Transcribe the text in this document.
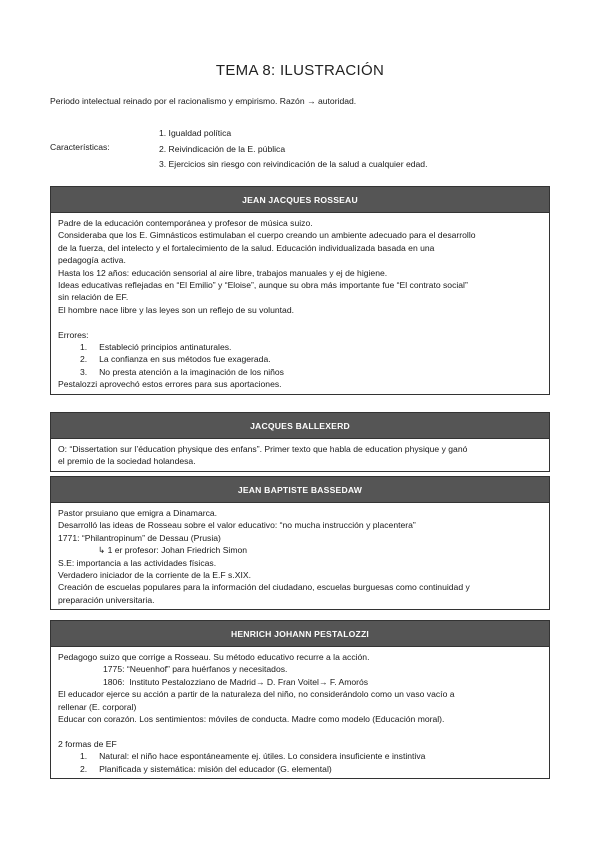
TEMA 8: ILUSTRACIÓN
Periodo intelectual reinado por el racionalismo y empirismo. Razón → autoridad.
Características:
1. Igualdad política
2. Reivindicación de la E. pública
3. Ejercicios sin riesgo con reivindicación de la salud a cualquier edad.
JEAN JACQUES ROSSEAU
Padre de la educación contemporánea y profesor de música suizo.
Consideraba que los E. Gimnásticos estimulaban el cuerpo creando un ambiente adecuado para el desarrollo
de la fuerza, del intelecto y el fortalecimiento de la salud. Educación individualizada basada en una
pedagogía activa.
Hasta los 12 años: educación sensorial al aire libre, trabajos manuales y ej de higiene.
Ideas educativas reflejadas en “El Emilio” y “Eloise”, aunque su obra más importante fue “El contrato social”
sin relación de EF.
El hombre nace libre y las leyes son un reflejo de su voluntad.
Errores:
1.     Estableció principios antinaturales.
2.     La confianza en sus métodos fue exagerada.
3.     No presta atención a la imaginación de los niños
Pestalozzi aprovechó estos errores para sus aportaciones.
JACQUES BALLEXERD
O: “Dissertation sur l’éducation physique des enfans”. Primer texto que habla de education physique y ganó
el premio de la sociedad holandesa.
JEAN BAPTISTE BASSEDAW
Pastor prsuiano que emigra a Dinamarca.
Desarrolló las ideas de Rosseau sobre el valor educativo: “no mucha instrucción y placentera”
1771: “Philantropinum” de Dessau (Prusia)
↳ 1 er profesor: Johan Friedrich Simon
S.E: importancia a las actividades físicas.
Verdadero iniciador de la corriente de la E.F s.XIX.
Creación de escuelas populares para la información del ciudadano, escuelas burguesas como continuidad y
preparación universitaria.
HENRICH JOHANN PESTALOZZI
Pedagogo suizo que corrige a Rosseau. Su método educativo recurre a la acción.
1775: “Neuenhof” para huérfanos y necesitados.
1806:  Instituto Pestalozziano de Madrid→ D. Fran Voitel→ F. Amorós
El educador ejerce su acción a partir de la naturaleza del niño, no considerándolo como un vaso vacío a
rellenar (E. corporal)
Educar con corazón. Los sentimientos: móviles de conducta. Madre como modelo (Educación moral).
2 formas de EF
1.     Natural: el niño hace espontáneamente ej. útiles. Lo considera insuficiente e instintiva
2.     Planificada y sistemática: misión del educador (G. elemental)
